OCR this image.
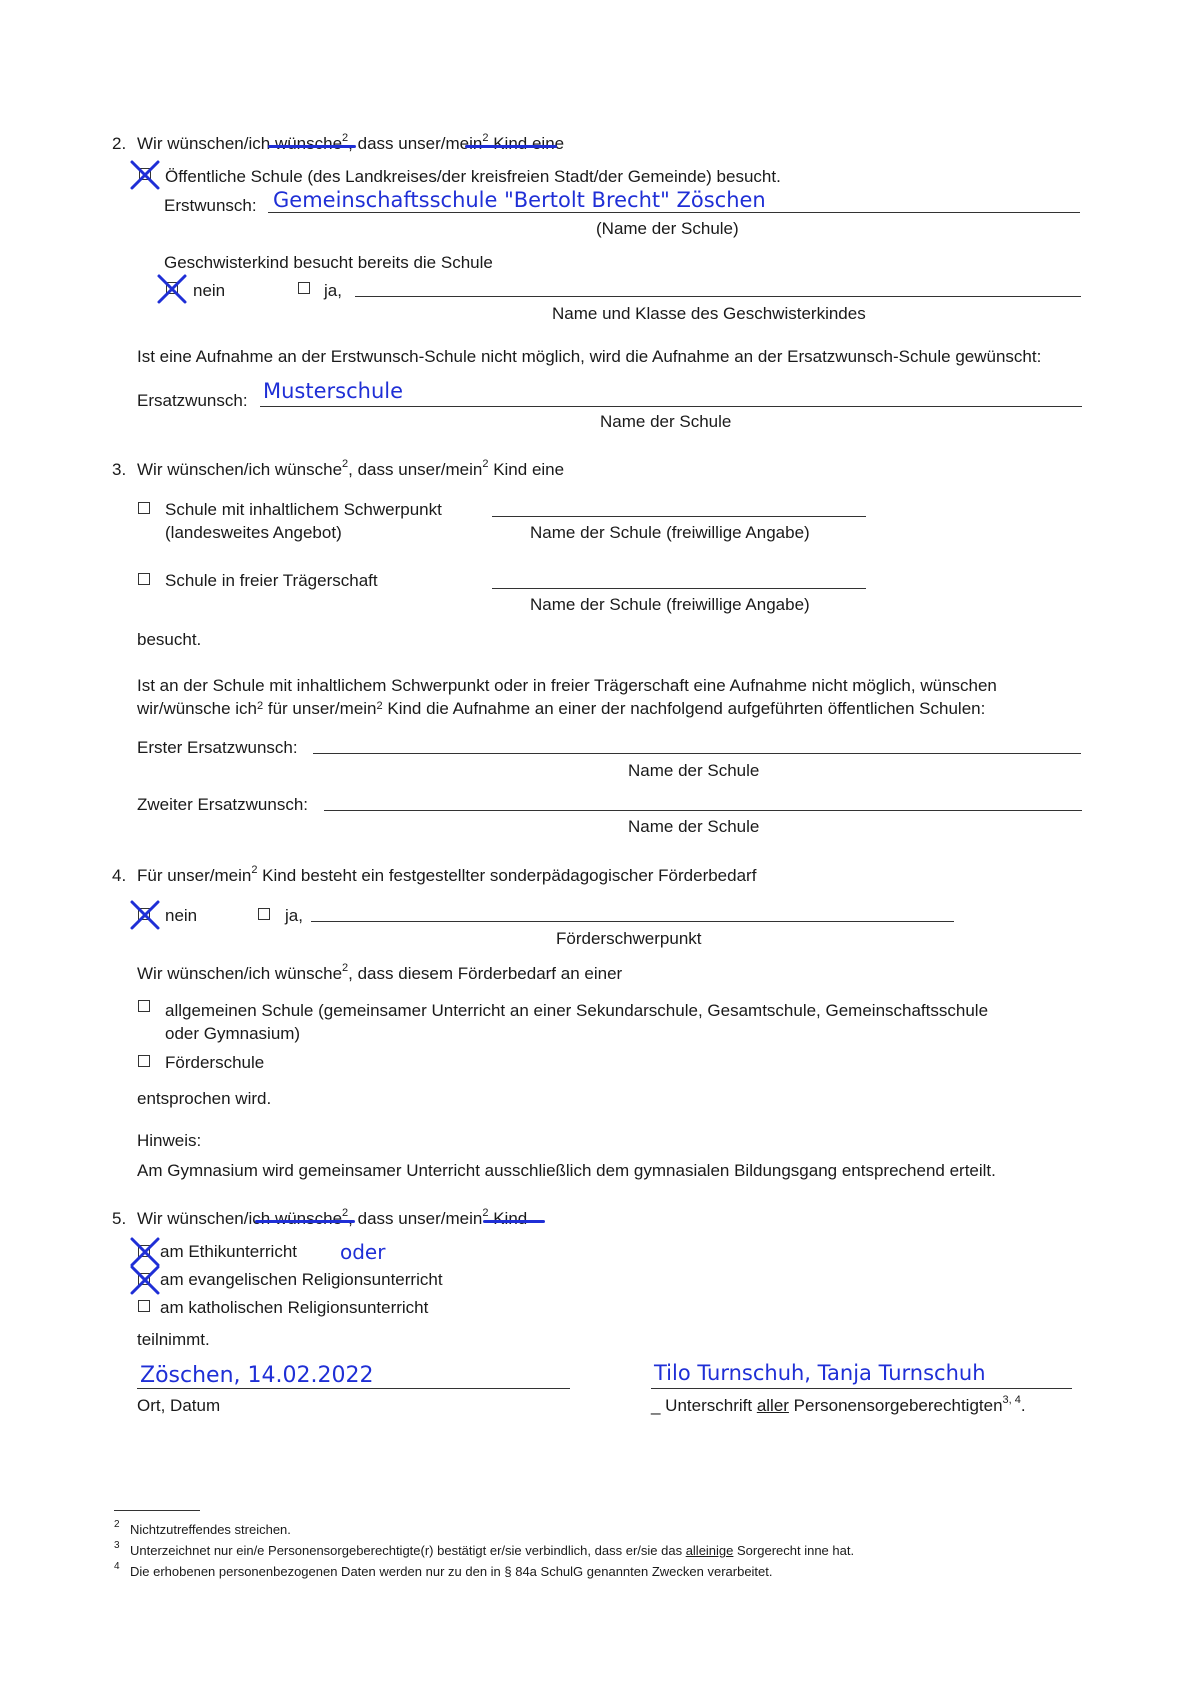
2. Wir wünschen/ich wünsche$^2$, dass unser/mein$^2$ Kind eine
Öffentliche Schule (des Landkreises/der kreisfreien Stadt/der Gemeinde) besucht.
Erstwunsch: Gemeinschaftsschule "Bertolt Brecht" Zöschen
(Name der Schule)
Geschwisterkind besucht bereits die Schule
nein	ja,
Name und Klasse des Geschwisterkindes
Ist eine Aufnahme an der Erstwunsch-Schule nicht möglich, wird die Aufnahme an der Ersatzwunsch-Schule gewünscht:
Ersatzwunsch: Musterschule
Name der Schule
3. Wir wünschen/ich wünsche$^2$, dass unser/mein$^2$ Kind eine
Schule mit inhaltlichem Schwerpunkt
(landesweites Angebot)	Name der Schule (freiwillige Angabe)
Schule in freier Trägerschaft
Name der Schule (freiwillige Angabe)
besucht.
Ist an der Schule mit inhaltlichem Schwerpunkt oder in freier Trägerschaft eine Aufnahme nicht möglich, wünschen
wir/wünsche ich$^2$ für unser/mein$^2$ Kind die Aufnahme an einer der nachfolgend aufgeführten öffentlichen Schulen:
Erster Ersatzwunsch:
Name der Schule
Zweiter Ersatzwunsch:
Name der Schule
4. Für unser/mein$^2$ Kind besteht ein festgestellter sonderpädagogischer Förderbedarf
nein	ja,
Förderschwerpunkt
Wir wünschen/ich wünsche$^2$, dass diesem Förderbedarf an einer
allgemeinen Schule (gemeinsamer Unterricht an einer Sekundarschule, Gesamtschule, Gemeinschaftsschule
oder Gymnasium)
Förderschule
entsprochen wird.
Hinweis:
Am Gymnasium wird gemeinsamer Unterricht ausschließlich dem gymnasialen Bildungsgang entsprechend erteilt.
5. Wir wünschen/ich wünsche$^2$, dass unser/mein$^2$ Kind
am Ethikunterricht oder
am evangelischen Religionsunterricht
am katholischen Religionsunterricht
teilnimmt.
Zöschen, 14.02.2022
Ort, Datum
Tilo Turnschuh, Tanja Turnschuh
_ Unterschrift aller Personensorgeberechtigten$^{3, 4}$.
2 Nichtzutreffendes streichen.
3 Unterzeichnet nur ein/e Personensorgeberechtigte(r) bestätigt er/sie verbindlich, dass er/sie das alleinige Sorgerecht inne hat.
4 Die erhobenen personenbezogenen Daten werden nur zu den in § 84a SchulG genannten Zwecken verarbeitet.
